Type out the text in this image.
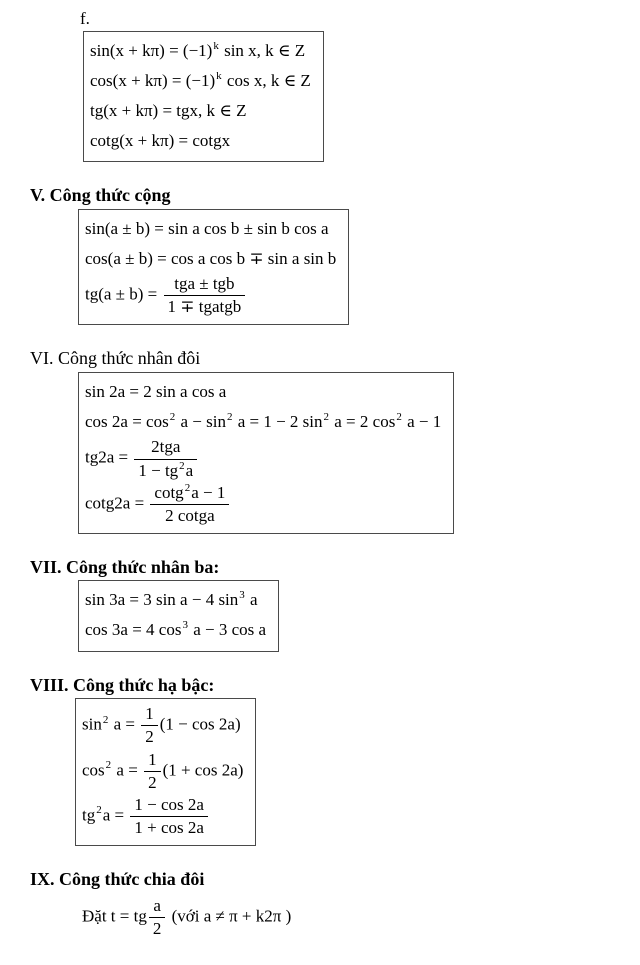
f.
$\sin(x + k\pi) = (-1)^k$ sin x, k ∈ Z
$\cos(x + k\pi) = (-1)^k$ cos x, k ∈ Z
tg(x + kπ) = tgx, k ∈ Z
cotg(x + kπ) = cotgx
V. Công thức cộng
sin(a ± b) = sin a cos b ± sin b cos a
cos(a ± b) = cos a cos b ∓ sin a sin b
$tg(a \pm b) = \frac{\text{tga ± tgb}}{\text{1 ∓ tgatgb}}$
VI. Công thức nhân đôi
sin 2a = 2 sin a cos a
$\cos 2a = \cos^2 a - \sin^2 a = 1 - 2$ $\sin^2 a = 2$ $\cos^2 a - 1$
$tg2a = \frac{\text{2tga}}{1 - tg^2a}$
$\cot g2a = \frac{\cot g^2a - 1}{\text{2 cotga}}$
VII. Công thức nhân ba:
sin 3a = 3 sin a − 4 $\sin^3 a$
cos 3a = 4 $\cos^3 a - 3$ cos a
VIII. Công thức hạ bậc:
$\sin^2 a = \frac{1}{2} (1 - \cos 2a)$
$\cos^2 a = \frac{1}{2} (1 + \cos 2a)$
$tg^2a = \frac{1 - \cos 2a}{1 + \cos 2a}$
IX. Công thức chia đôi
Đặt t = tg $\frac{a}{2}$ (với a ≠ π + k2π )
